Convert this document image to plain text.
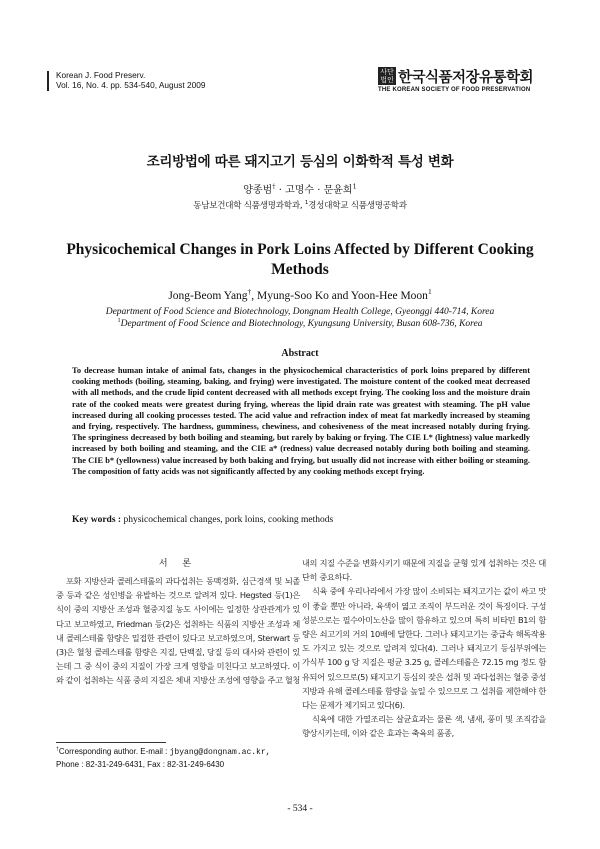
Korean J. Food Preserv.
Vol. 16, No. 4. pp. 534-540, August 2009
사단법인 한국식품저장유통학회
THE KOREAN SOCIETY OF FOOD PRESERVATION
조리방법에 따른 돼지고기 등심의 이화학적 특성 변화
양종범† · 고명수 · 문윤희$^1$
동남보건대학 식품생명과학과, $^1$경성대학교 식품생명공학과
Physicochemical Changes in Pork Loins Affected by Different Cooking Methods
Jong-Beom Yang†, Myung-Soo Ko and Yoon-Hee Moon$^1$
Department of Food Science and Biotechnology, Dongnam Health College, Gyeonggi 440-714, Korea
$^1$Department of Food Science and Biotechnology, Kyungsung University, Busan 608-736, Korea
Abstract

To decrease human intake of animal fats, changes in the physicochemical characteristics of pork loins prepared by different cooking methods (boiling, steaming, baking, and frying) were investigated. The moisture content of the cooked meat decreased with all methods, and the crude lipid content decreased with all methods except frying. The cooking loss and the moisture drain rate of the cooked meats were greatest during frying, whereas the lipid drain rate was greatest with steaming. The pH value increased during all cooking processes tested. The acid value and refraction index of meat fat markedly increased by steaming and frying, respectively. The hardness, gumminess, chewiness, and cohesiveness of the meat increased notably during frying. The springiness decreased by both boiling and steaming, but rarely by baking or frying. The CIE L* (lightness) value markedly increased by both boiling and steaming, and the CIE a* (redness) value decreased notably during both boiling and steaming. The CIE b* (yellowness) value increased by both baking and frying, but usually did not increase with either boiling or steaming. The composition of fatty acids was not significantly affected by any cooking methods except frying.

Key words : physicochemical changes, pork loins, cooking methods
서 론

포화 지방산과 콜레스테롤의 과다섭취는 동맥경화, 심근경색 및 뇌졸중 등과 같은 성인병을 유발하는 것으로 알려져 있다. Hegsted 등(1)은 식이 중의 지방산 조성과 혈중지질 농도 사이에는 일정한 상관관계가 있다고 보고하였고, Friedman 등(2)은 섭취하는 식품의 지방산 조성과 체내 콜레스테롤 함량은 밀접한 관련이 있다고 보고하였으며, Sterwart 등(3)은 혈청 콜레스테롤 함량은 지질, 단백질, 당질 등의 대사와 관련이 있는데 그 중 식이 중의 지질이 가장 크게 영향을 미친다고 보고하였다. 이와 같이 섭취하는 식품 중의 지질은 체내 지방산 조성에 영향을 주고 혈청

내의 지질 수준을 변화시키기 때문에 지질을 균형 있게 섭취하는 것은 대단히 중요하다.

식육 중에 우리나라에서 가장 많이 소비되는 돼지고기는 값이 싸고 맛이 좋을 뿐만 아니라, 육색이 엷고 조직이 부드러운 것이 특징이다. 구성성분으로는 필수아미노산을 많이 함유하고 있으며 특히 비타민 B1의 함량은 쇠고기의 거의 10배에 달한다. 그러나 돼지고기는 중급속 해독작용도 가지고 있는 것으로 알려져 있다(4). 그러나 돼지고기 등심부위에는 가식부 100 g 당 지질은 평균 3.25 g, 콜레스테롤은 72.15 mg 정도 함유되어 있으므로(5) 돼지고기 등심의 잦은 섭취 및 과다섭취는 혈중 중성 지방과 유해 콜레스테롤 함량을 높일 수 있으므로 그 섭취를 제한해야 한다는 문제가 제기되고 있다(6).

식육에 대한 가열조리는 살균효과는 물론 색, 냄새, 풍미 및 조직감을 향상시키는데, 이와 같은 효과는 축육의 품종,

†Corresponding author. E-mail : jbyang@dongnam.ac.kr,
Phone : 82-31-249-6431, Fax : 82-31-249-6430
- 534 -
